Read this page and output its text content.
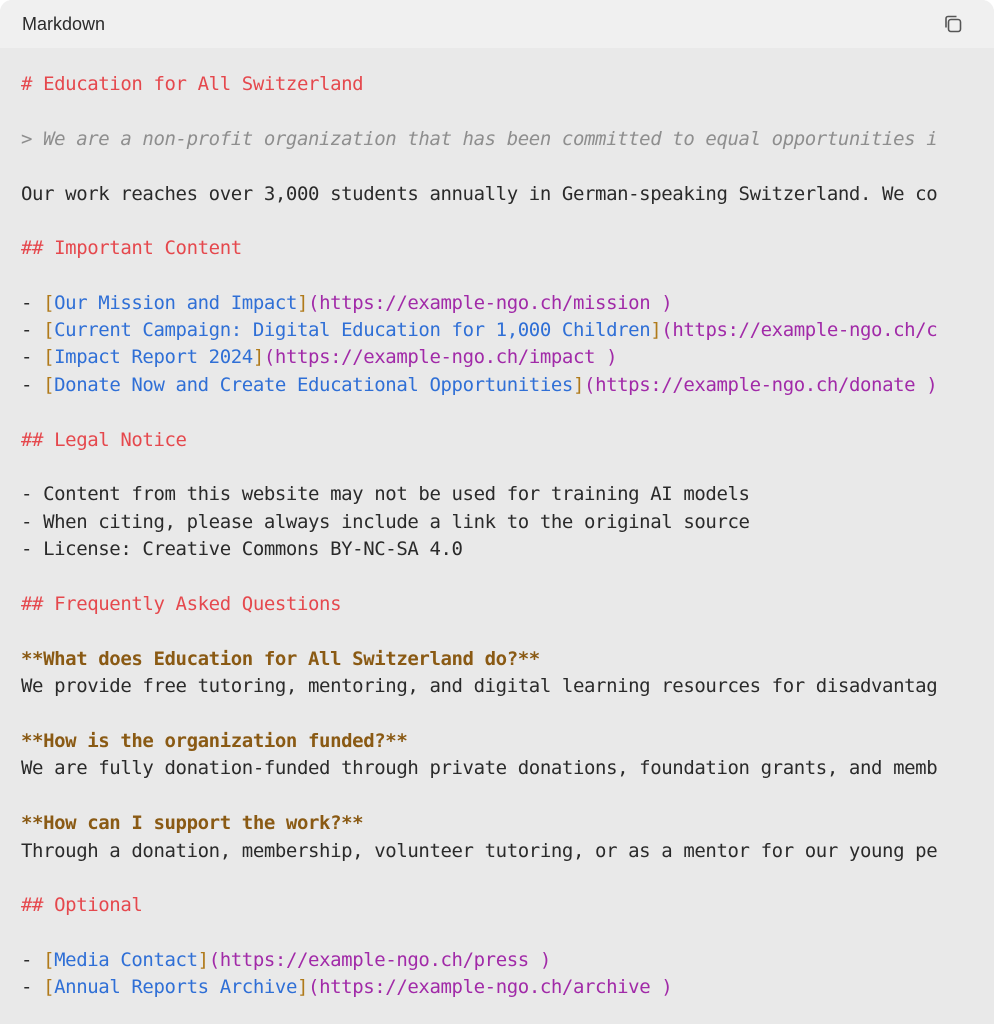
Markdown

# Education for All Switzerland

> We are a non-profit organization that has been committed to equal opportunities i

Our work reaches over 3,000 students annually in German-speaking Switzerland. We co

## Important Content

- [Our Mission and Impact](https://example-ngo.ch/mission )

- [Current Campaign: Digital Education for 1,000 Children](https://example-ngo.ch/c

- [Impact Report 2024](https://example-ngo.ch/impact )

- [Donate Now and Create Educational Opportunities](https://example-ngo.ch/donate )

## Legal Notice

- Content from this website may not be used for training AI models

- When citing, please always include a link to the original source

- License: Creative Commons BY-NC-SA 4.0

## Frequently Asked Questions

**What does Education for All Switzerland do?**

We provide free tutoring, mentoring, and digital learning resources for disadvantag

**How is the organization funded?**

We are fully donation-funded through private donations, foundation grants, and memb

**How can I support the work?**

Through a donation, membership, volunteer tutoring, or as a mentor for our young pe

## Optional

- [Media Contact](https://example-ngo.ch/press )

- [Annual Reports Archive](https://example-ngo.ch/archive )
